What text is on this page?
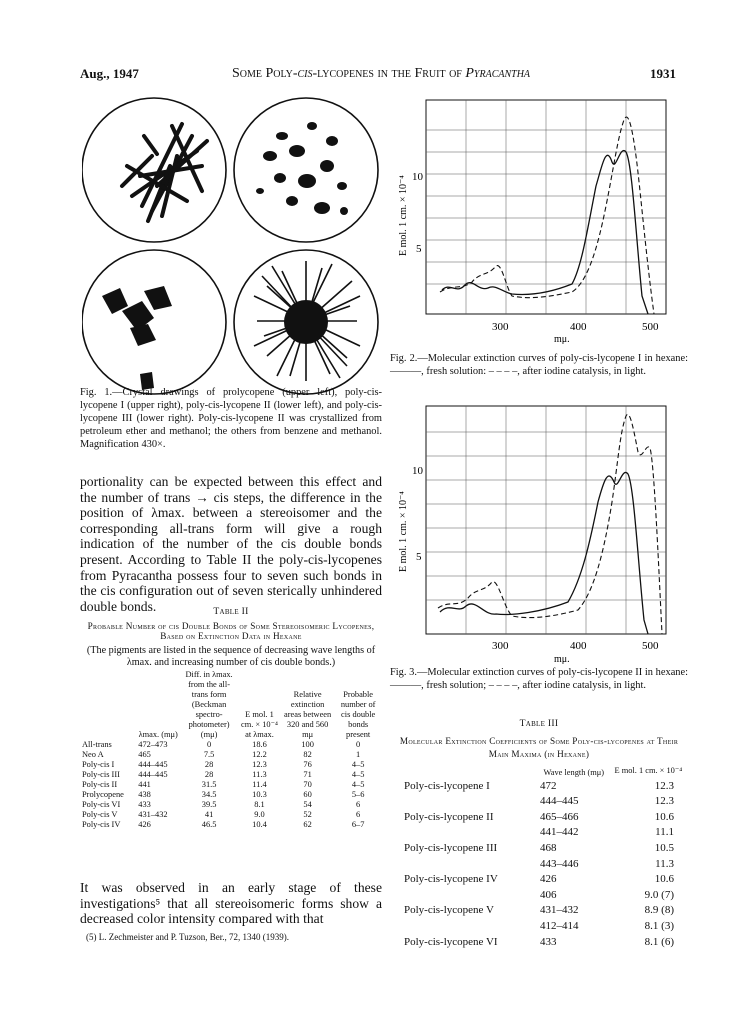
Aug., 1947	Some Poly-cis-lycopenes in the Fruit of Pyracantha	1931
Fig. 1.—Crystal drawings of prolycopene (upper left), poly-cis-lycopene I (upper right), poly-cis-lycopene II (lower left), and poly-cis-lycopene III (lower right). Poly-cis-lycopene II was crystallized from petroleum ether and methanol; the others from benzene and methanol. Magnification 430×.
portionality can be expected between this effect and the number of trans → cis steps, the difference in the position of λmax. between a stereoisomer and the corresponding all-trans form will give a rough indication of the number of the cis double bonds present. According to Table II the poly-cis-lycopenes from Pyracantha possess four to seven such bonds in the cis configuration out of seven sterically unhindered double bonds.	Table II
Probable Number of cis Double Bonds of Some Stereoisomeric Lycopenes, Based on Extinction Data in Hexane
(The pigments are listed in the sequence of decreasing wave lengths of λmax. and increasing number of cis double bonds.)
	λmax. (mμ)	Diff. in λmax. from the all-trans form (Beckman spectro-photometer) (mμ)	E mol. 1 cm. × 10⁻⁴ at λmax.	Relative extinction areas between 320 and 560 mμ	Probable number of cis double bonds present
All-trans	472–473	0	18.6	100	0
Neo A	465	7.5	12.2	82	1
Poly-cis I	444–445	28	12.3	76	4–5
Poly-cis III	444–445	28	11.3	71	4–5
Poly-cis II	441	31.5	11.4	70	4–5
Prolycopene	438	34.5	10.3	60	5–6
Poly-cis VI	433	39.5	8.1	54	6
Poly-cis V	431–432	41	9.0	52	6
Poly-cis IV	426	46.5	10.4	62	6–7
It was observed in an early stage of these investigations⁵ that all stereoisomeric forms show a decreased color intensity compared with that
(5) L. Zechmeister and P. Tuzson, Ber., 72, 1340 (1939).
10
5
300	400	500
mμ.
E mol. 1 cm. × 10⁻⁴
Fig. 2.—Molecular extinction curves of poly-cis-lycopene I in hexane: ———, fresh solution: – – – –, after iodine catalysis, in light.
10
5
300	400	500
mμ.
E mol. 1 cm. × 10⁻⁴
Fig. 3.—Molecular extinction curves of poly-cis-lycopene II in hexane: ———, fresh solution; – – – –, after iodine catalysis, in light.
Table III
Molecular Extinction Coefficients of Some Poly-cis-lycopenes at Their Main Maxima (in Hexane)
	Wave length (mμ)	E mol. 1 cm. × 10⁻⁴
Poly-cis-lycopene I	472	12.3
	444–445	12.3
Poly-cis-lycopene II	465–466	10.6
	441–442	11.1
Poly-cis-lycopene III	468	10.5
	443–446	11.3
Poly-cis-lycopene IV	426	10.6
	406	9.0 (7)
Poly-cis-lycopene V	431–432	8.9 (8)
	412–414	8.1 (3)
Poly-cis-lycopene VI	433	8.1 (6)
